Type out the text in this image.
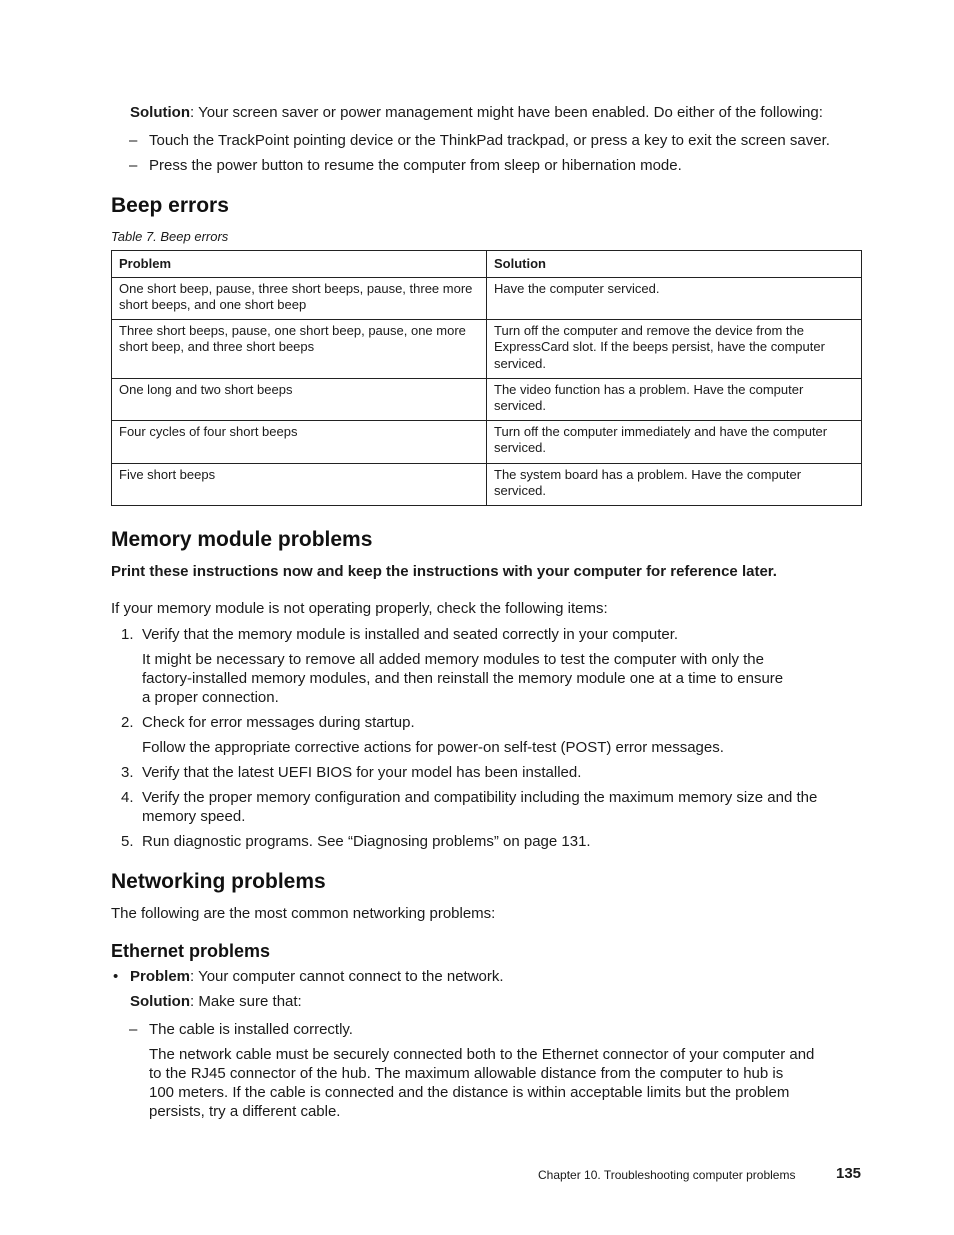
Solution: Your screen saver or power management might have been enabled. Do either of the following:
– Touch the TrackPoint pointing device or the ThinkPad trackpad, or press a key to exit the screen saver.
– Press the power button to resume the computer from sleep or hibernation mode.
Beep errors
Table 7. Beep errors
Problem	Solution
One short beep, pause, three short beeps, pause, three more short beeps, and one short beep	Have the computer serviced.
Three short beeps, pause, one short beep, pause, one more short beep, and three short beeps	Turn off the computer and remove the device from the ExpressCard slot. If the beeps persist, have the computer serviced.
One long and two short beeps	The video function has a problem. Have the computer serviced.
Four cycles of four short beeps	Turn off the computer immediately and have the computer serviced.
Five short beeps	The system board has a problem. Have the computer serviced.
Memory module problems
Print these instructions now and keep the instructions with your computer for reference later.
If your memory module is not operating properly, check the following items:
1. Verify that the memory module is installed and seated correctly in your computer.
It might be necessary to remove all added memory modules to test the computer with only the
factory-installed memory modules, and then reinstall the memory module one at a time to ensure
a proper connection.
2. Check for error messages during startup.
Follow the appropriate corrective actions for power-on self-test (POST) error messages.
3. Verify that the latest UEFI BIOS for your model has been installed.
4. Verify the proper memory configuration and compatibility including the maximum memory size and the
memory speed.
5. Run diagnostic programs. See “Diagnosing problems” on page 131.
Networking problems
The following are the most common networking problems:
Ethernet problems
• Problem: Your computer cannot connect to the network.
Solution: Make sure that:
– The cable is installed correctly.
The network cable must be securely connected both to the Ethernet connector of your computer and
to the RJ45 connector of the hub. The maximum allowable distance from the computer to hub is
100 meters. If the cable is connected and the distance is within acceptable limits but the problem
persists, try a different cable.
Chapter 10. Troubleshooting computer problems	135
